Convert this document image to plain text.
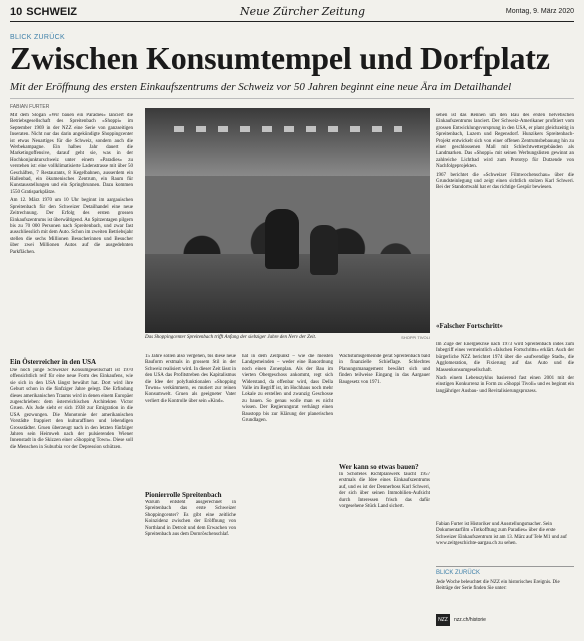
10 SCHWEIZ	Neue Zürcher Zeitung	Montag, 9. März 2020
BLICK ZURÜCK
Zwischen Konsumtempel und Dorfplatz
Mit der Eröffnung des ersten Einkaufszentrums der Schweiz vor 50 Jahren beginnt eine neue Ära im Detailhandel
FABIAN FURTER

Mit dem Slogan «Wir bauen ein Paradies» lanciert die Betriebsgesellschaft des Spreitenbach «Shoppi» im September 1969 in der NZZ eine Serie von ganzseitigen Inseraten. Nicht nur das darin angekündigte Shoppingcenter ist etwas Neuartiges für die Schweiz, sondern auch die Werbekampagne. Ein halbes Jahr dauert die Marketingoffensive, darauf geht sie, was in der Hochkonjunkturschweiz unter einem «Paradies» zu verstehen ist: eine vollklimatisierte Ladenstrasse mit über 50 Geschäften, 7 Restaurants, 8 Kegelbahnen, ausserdem ein Hallenbad, ein ökumenisches Zentrum, ein Raum für Kunstausstellungen und ein Springbrunnen. Dazu kommen 1550 Gratisparkplätze.

Am 12. März 1970 um 10 Uhr beginnt im aargauischen Spreitenbach für den Schweizer Detailhandel eine neue Zeitrechnung. Der Erfolg des ersten grossen Einkaufszentrums ist überwältigend. An Spitzentagen pilgern bis zu 70 000 Personen nach Spreitenbach, und zwar fast ausschliesslich mit dem Auto. Schon im zweiten Betriebsjahr stellen die sechs Millionen Besucherinnen und Besucher über zwei Millionen Autos auf die ausgedehnten Parkflächen.

Ein Österreicher in den USA

Die noch junge Schweizer Konsumgesellschaft ist 1970 offensichtlich reif für eine neue Form des Einkaufens, wie sie sich in den USA längst bewährt hat. Dort wird ihre Geburt schon in die fünfziger Jahre gelegt. Die Erfindung dieses amerikanischen Traums wird in denen einem Europäer zugeschrieben: dem österreichischen Architekten Victor Gruen. Als Jude sieht er sich 1938 zur Emigration in die USA gezwungen. Die Monotonie der amerikanischen Vorstädte frappiert den kulturaffinen und lebendigen Grossstädter. Gruen überzeugt nach in den letzten fünfziger Jahren sein Heimweh nach der pulsierenden Wiener Innenstadt in die Skizzen einer «Shopping Town». Diese soll die Menschen in Suburbia vor der Depression schützen.

Das Shoppingcenter Spreitenbach trifft Anfang der siebziger Jahre den Nerv der Zeit.	SHOPPI TIVOLI

15 Jahre sollen also vergehen, bis diese neue Bauform erstmals in grossem Stil in der Schweiz realisiert wird. In dieser Zeit lässt in den USA das Profitstreben des Kapitalismus die Idee der polyfunktionalen «Shopping Towns» verkümmern, es mutiert zur reinen Konsumwelt. Gruen als geeigneter Vater verliert die Kontrolle über sein «Kind».

Pionierrolle Spreitenbach

Warum entsteht ausgerechnet in Spreitenbach das erste Schweizer Shoppingcenter? Es gibt eine zeitliche Koinzidenz zwischen der Eröffnung von Northland in Detroit und dem Erwachen von Spreitenbach aus dem Dornröschenschlaf.

hat in dem Zeitpunkt – wie die meisten Landgemeinden – weder eine Bauordnung noch einen Zonenplan. Als der Bau im vierten Obergeschoss ankommt, regt sich Widerstand, da offenbar wird, dass Della Valle im Begriff ist, im Hochhaus noch mehr Lokale zu erstellen und zwanzig Geschosse zu bauen. So genau wolle man es nicht wissen. Der Regierungsrat verhängt einen Baustopp bis zur Klärung der planerischen Grundlagen.

Wachstumsgemeinde gerät Spreitenbach bald in finanzielle Schieflage. Schlechtes Planungsmanagement bewährt sich und finden teilweise Eingang in das Aargauer Baugesetz von 1971.

Wer kann so etwas bauen?

In Schöfeles Richtplanwerk taucht 1957 erstmals die Idee eines Einkaufszentrums auf, und es ist der Dennerboss Karl Schweri, der sich über seinen Immobilien-Aufsicht durch Interessen frisch das dafür vorgesehene Stück Land sichert.

sehen ist das Rennen um den Bau des ersten helvetischen Einkaufszentrums lanciert. Der Schweiz-Amerikaner profitiert vom grossen Entwicklungsvorsprung in den USA, er plant gleichzeitig in Spreitenbach, Luzern und Regensdorf. Hunzikers Spreitenbach-Projekt entwickelt sich von einer offenen Zentrumsbebauung hin zu einer geschlossenen Mall mit Schlechtwettergebäuden als Landmarken. Das «Shoppi» mit seinen Werbungslisten gewinnt an zahlreiche Lichtbad wird zum Prototyp für Dutzende von Nachfolgeprojekten.

1967 berichtet die «Schweizer Filmwochenschau» über die Grundsteinlegung und zeigt einen sichtlich stolzen Karl Schweri. Bei der Standortwahl hat er das richtige Gespür bewiesen.

«Falscher Fortschritt»

Im Zuge der Energiekrise nach 1973 wird Spreitenbach indes zum Inbegriff eines vermeintlich «falschen Fortschritts» erklärt. Auch der bürgerliche NZZ berichtet 1974 über die «aufwendige Stadt», die Agglomeration, die Fixierung auf das Auto und die Massenkonsumgesellschaft.

Nach einem Lebenszyklus basierend fast einen 2001 mit der einstigen Konkurrenz in Form zu «Shoppi Tivoli» und es beginnt ein langjähriger Ausbau- und Revitalisierungsprozess.

Fabian Furter ist Historiker und Ausstellungsmacher. Sein Dokumentarfilm «Totkofftung zum Paradies» über die erste Schweizer Einkaufszentrum ist am 13. März auf Tele M1 und auf www.zeitgeschichte-aargau.ch zu sehen.
BLICK ZURÜCK
Jede Woche beleuchtet die NZZ ein historisches Ereignis. Die Beiträge der Serie finden Sie unter:
NZZ	nzz.ch/historie
